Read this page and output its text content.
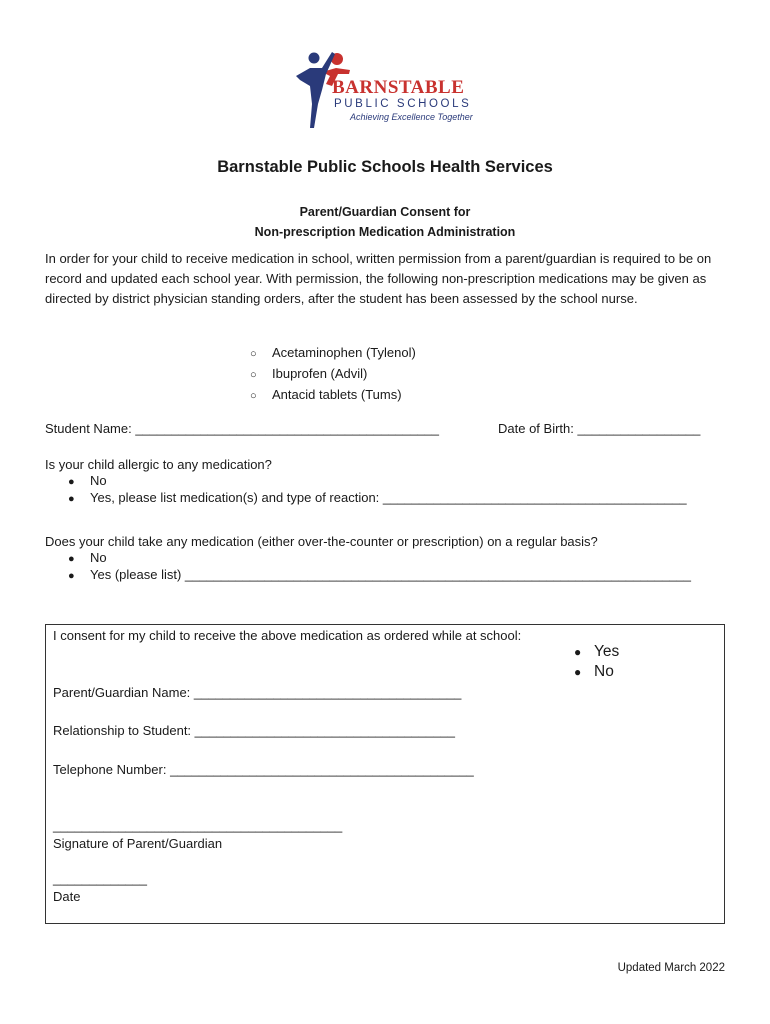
BARNSTABLE
PUBLIC SCHOOLS
Achieving Excellence Together
Barnstable Public Schools Health Services
Parent/Guardian Consent for
Non-prescription Medication Administration
In order for your child to receive medication in school, written permission from a parent/guardian is required to be on record and updated each school year. With permission, the following non-prescription medications may be given as directed by district physician standing orders, after the student has been assessed by the school nurse.
○ Acetaminophen (Tylenol)
○ Ibuprofen (Advil)
○ Antacid tablets (Tums)
Student Name: __________________________________________	Date of Birth: _________________
Is your child allergic to any medication?
● No
● Yes, please list medication(s) and type of reaction: __________________________________________
Does your child take any medication (either over-the-counter or prescription) on a regular basis?
● No
● Yes (please list) ______________________________________________________________________
I consent for my child to receive the above medication as ordered while at school:
● Yes
● No
Parent/Guardian Name: _____________________________________
Relationship to Student: ____________________________________
Telephone Number: __________________________________________
________________________________________
Signature of Parent/Guardian
_____________
Date
Updated March 2022
